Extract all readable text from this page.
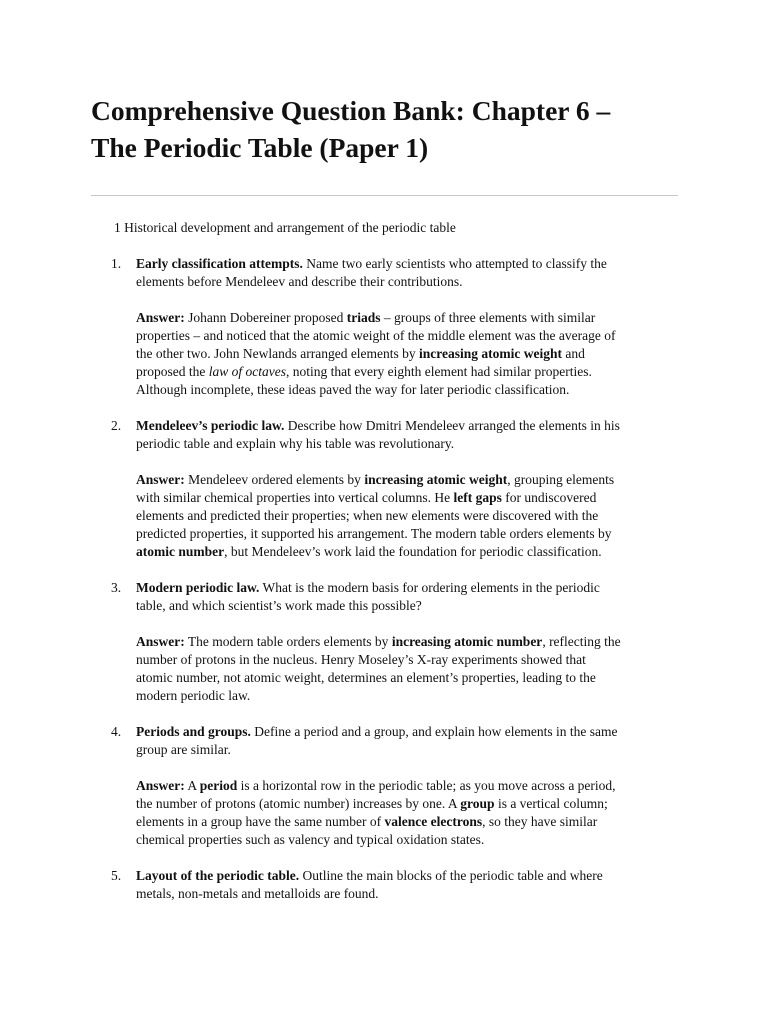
Comprehensive Question Bank: Chapter 6 –
The Periodic Table (Paper 1)
1 Historical development and arrangement of the periodic table
1. Early classification attempts. Name two early scientists who attempted to classify the
elements before Mendeleev and describe their contributions.

Answer: Johann Dobereiner proposed triads – groups of three elements with similar
properties – and noticed that the atomic weight of the middle element was the average of
the other two. John Newlands arranged elements by increasing atomic weight and
proposed the law of octaves, noting that every eighth element had similar properties.
Although incomplete, these ideas paved the way for later periodic classification.

2. Mendeleev’s periodic law. Describe how Dmitri Mendeleev arranged the elements in his
periodic table and explain why his table was revolutionary.

Answer: Mendeleev ordered elements by increasing atomic weight, grouping elements
with similar chemical properties into vertical columns. He left gaps for undiscovered
elements and predicted their properties; when new elements were discovered with the
predicted properties, it supported his arrangement. The modern table orders elements by
atomic number, but Mendeleev’s work laid the foundation for periodic classification.

3. Modern periodic law. What is the modern basis for ordering elements in the periodic
table, and which scientist’s work made this possible?

Answer: The modern table orders elements by increasing atomic number, reflecting the
number of protons in the nucleus. Henry Moseley’s X-ray experiments showed that
atomic number, not atomic weight, determines an element’s properties, leading to the
modern periodic law.

4. Periods and groups. Define a period and a group, and explain how elements in the same
group are similar.

Answer: A period is a horizontal row in the periodic table; as you move across a period,
the number of protons (atomic number) increases by one. A group is a vertical column;
elements in a group have the same number of valence electrons, so they have similar
chemical properties such as valency and typical oxidation states.

5. Layout of the periodic table. Outline the main blocks of the periodic table and where
metals, non-metals and metalloids are found.
